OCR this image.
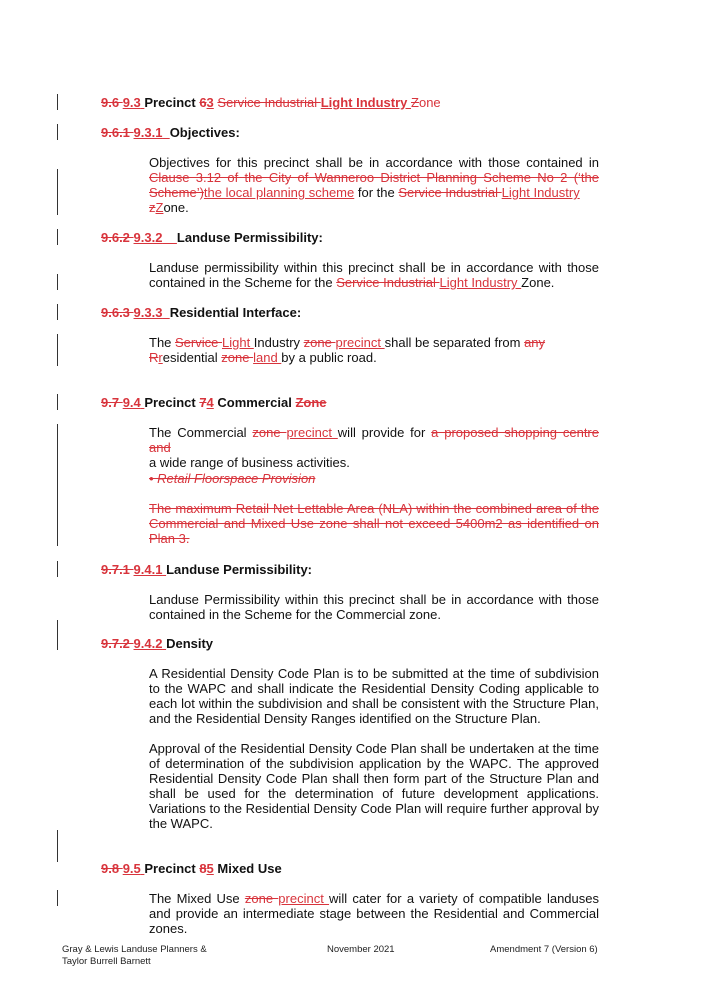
9.6 9.3 Precinct 63 Service Industrial Light Industry Zone
9.6.1 9.3.1 Objectives:

Objectives for this precinct shall be in accordance with those contained in Clause 3.12 of the City of Wanneroo District Planning Scheme No 2 (‘the Scheme’)the local planning scheme for the Service Industrial Light Industry
zZone.

9.6.2 9.3.2 Landuse Permissibility:

Landuse permissibility within this precinct shall be in accordance with those contained in the Scheme for the Service Industrial Light Industry Zone.

9.6.3 9.3.3 Residential Interface:

The Service Light Industry zone precinct shall be separated from any
Rresidential zone land by a public road.

9.7 9.4 Precinct 74 Commercial Zone

The Commercial zone precinct will provide for a proposed shopping centre and
a wide range of business activities.

• Retail Floorspace Provision

The maximum Retail Net Lettable Area (NLA) within the combined area of the Commercial and Mixed Use zone shall not exceed 5400m2 as identified on Plan 3.

9.7.1 9.4.1 Landuse Permissibility:

Landuse Permissibility within this precinct shall be in accordance with those contained in the Scheme for the Commercial zone.

9.7.2 9.4.2 Density

A Residential Density Code Plan is to be submitted at the time of subdivision to the WAPC and shall indicate the Residential Density Coding applicable to each lot within the subdivision and shall be consistent with the Structure Plan, and the Residential Density Ranges identified on the Structure Plan.

Approval of the Residential Density Code Plan shall be undertaken at the time of determination of the subdivision application by the WAPC. The approved Residential Density Code Plan shall then form part of the Structure Plan and shall be used for the determination of future development applications. Variations to the Residential Density Code Plan will require further approval by the WAPC.

9.8 9.5 Precinct 85 Mixed Use

The Mixed Use zone precinct will cater for a variety of compatible landuses and provide an intermediate stage between the Residential and Commercial zones.

Gray & Lewis Landuse Planners &
Taylor Burrell Barnett
November 2021	Amendment 7 (Version 6)
